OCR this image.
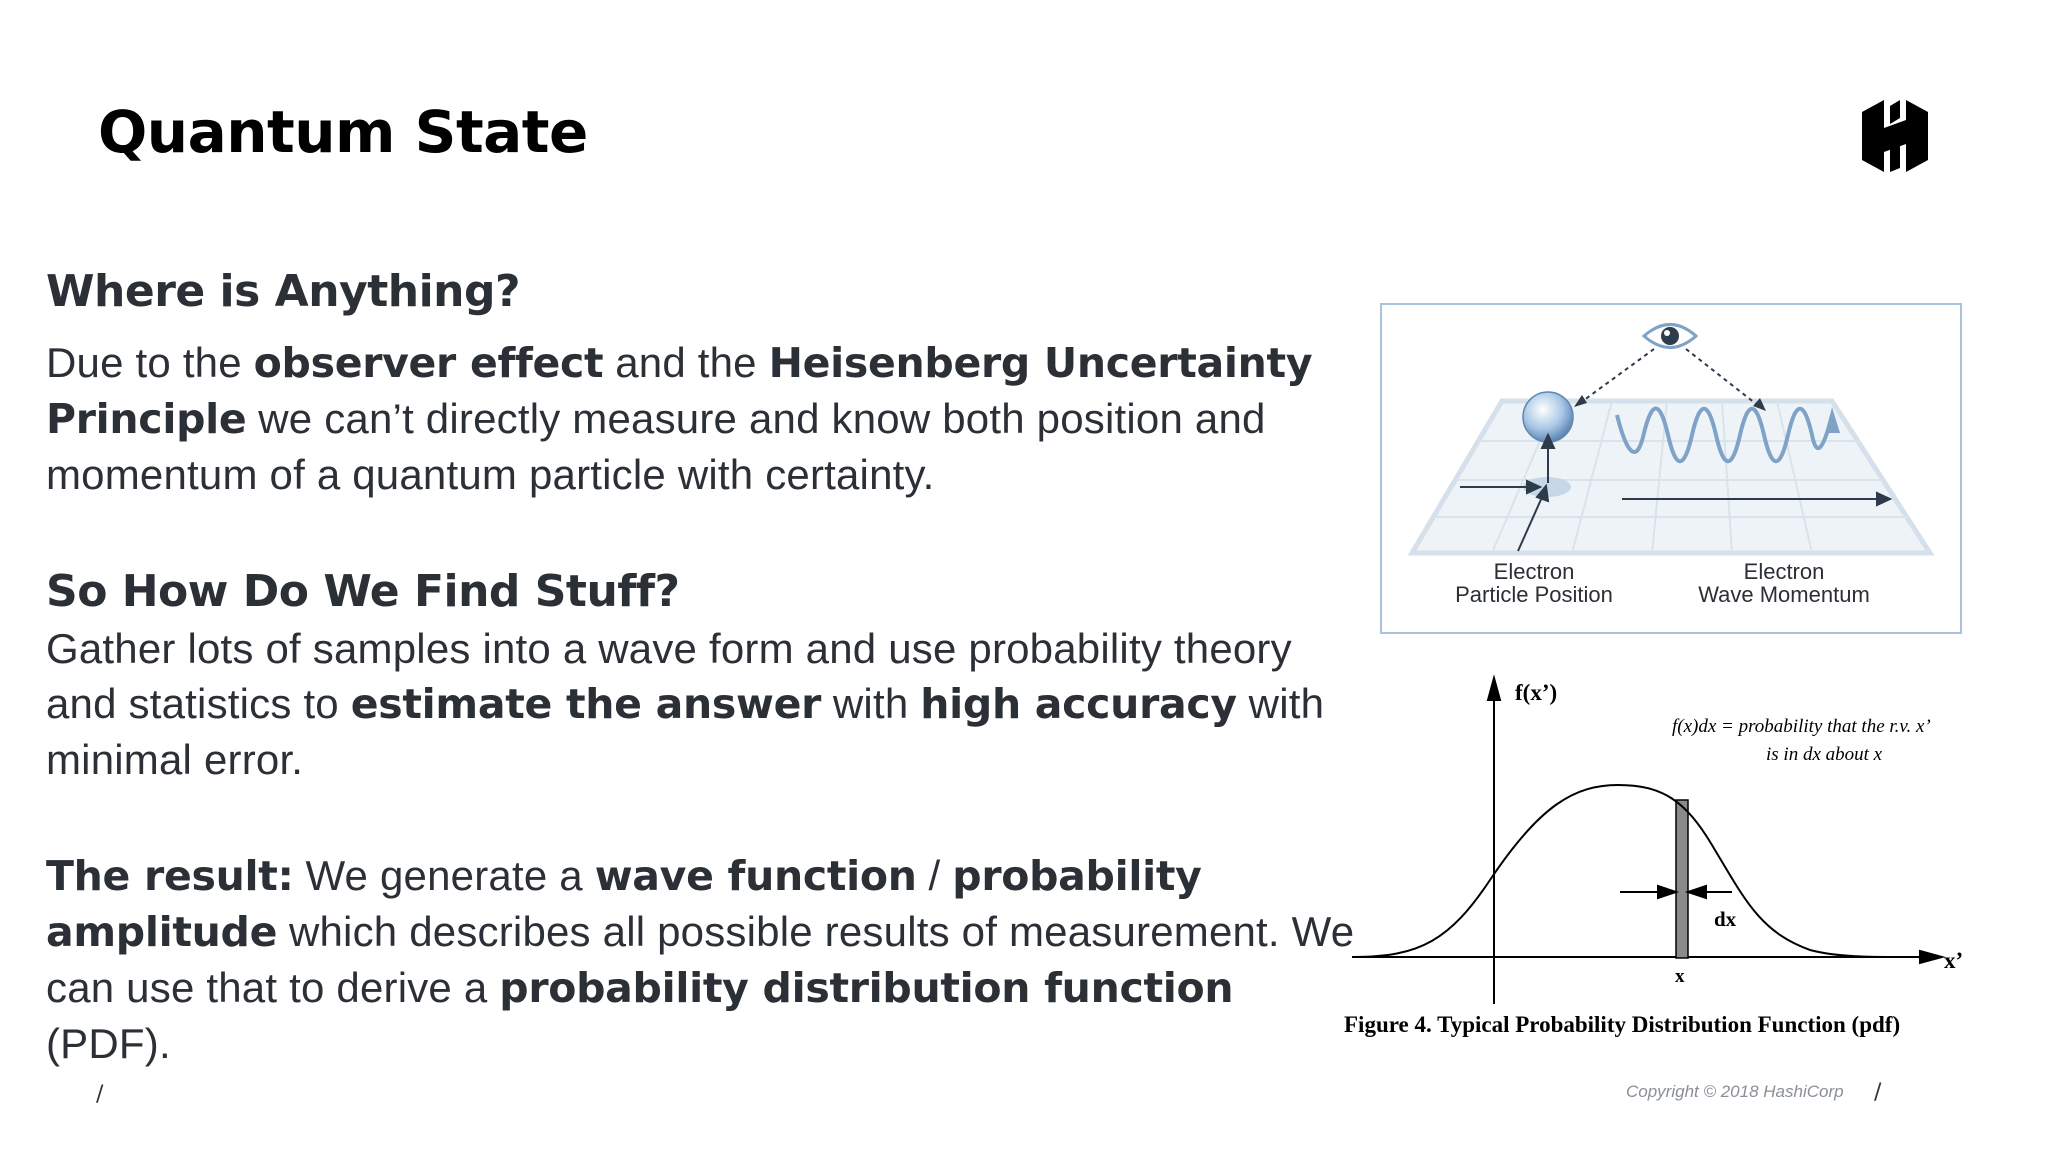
Quantum State
Where is Anything?

Due to the observer effect and the Heisenberg Uncertainty Principle we can’t directly measure and know both position and momentum of a quantum particle with certainty.

So How Do We Find Stuff?

Gather lots of samples into a wave form and use probability theory and statistics to estimate the answer with high accuracy with minimal error.

The result: We generate a wave function / probability amplitude which describes all possible results of measurement. We can use that to derive a probability distribution function (PDF).

Electron
Particle Position
Electron
Wave Momentum
f(x’)
x’
f(x)dx = probability that the r.v. x’
is in dx about x
dx
x
Figure 4. Typical Probability Distribution Function (pdf)
/	Copyright © 2018 HashiCorp /
